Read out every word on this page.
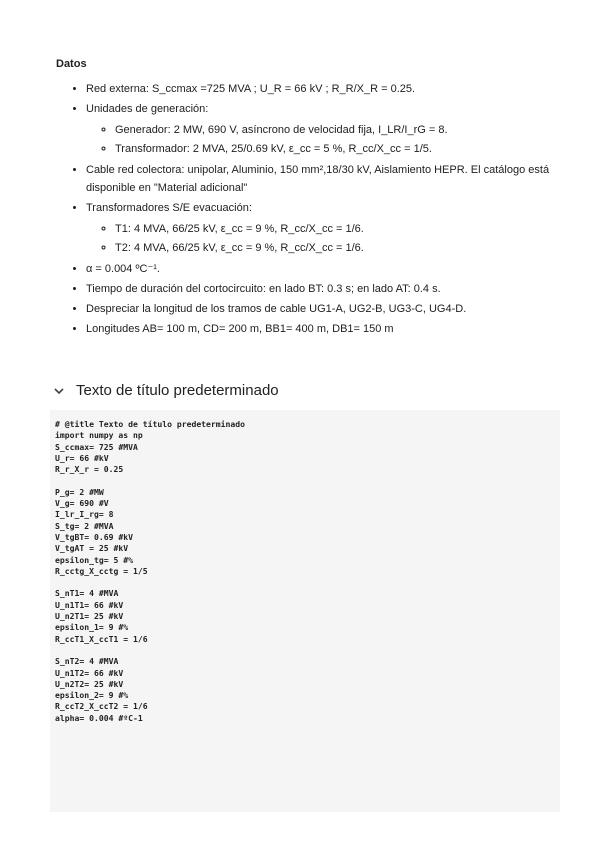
Datos
• Red externa: S_ccmax =725 MVA ; U_R = 66 kV ; R_R/X_R = 0.25.
• Unidades de generación:
◦ Generador: 2 MW, 690 V, asíncrono de velocidad fija, I_LR/I_rG = 8.
◦ Transformador: 2 MVA, 25/0.69 kV, ε_cc = 5 %, R_cc/X_cc = 1/5.
• Cable red colectora: unipolar, Aluminio, 150 mm²,18/30 kV, Aislamiento HEPR. El catálogo está disponible en "Material adicional"
• Transformadores S/E evacuación:
◦ T1: 4 MVA, 66/25 kV, ε_cc = 9 %, R_cc/X_cc = 1/6.
◦ T2: 4 MVA, 66/25 kV, ε_cc = 9 %, R_cc/X_cc = 1/6.
• α = 0.004 ºC⁻¹.
• Tiempo de duración del cortocircuito: en lado BT: 0.3 s; en lado AT: 0.4 s.
• Despreciar la longitud de los tramos de cable UG1-A, UG2-B, UG3-C, UG4-D.
• Longitudes AB= 100 m, CD= 200 m, BB1= 400 m, DB1= 150 m
Texto de título predeterminado
# @title Texto de título predeterminado
import numpy as np
S_ccmax= 725 #MVA
U_r= 66 #kV
R_r_X_r = 0.25

P_g= 2 #MW
V_g= 690 #V
I_lr_I_rg= 8
S_tg= 2 #MVA
V_tgBT= 0.69 #kV
V_tgAT = 25 #kV
epsilon_tg= 5 #%
R_cctg_X_cctg = 1/5

S_nT1= 4 #MVA
U_n1T1= 66 #kV
U_n2T1= 25 #kV
epsilon_1= 9 #%
R_ccT1_X_ccT1 = 1/6

S_nT2= 4 #MVA
U_n1T2= 66 #kV
U_n2T2= 25 #kV
epsilon_2= 9 #%
R_ccT2_X_ccT2 = 1/6
alpha= 0.004 #ºC-1
